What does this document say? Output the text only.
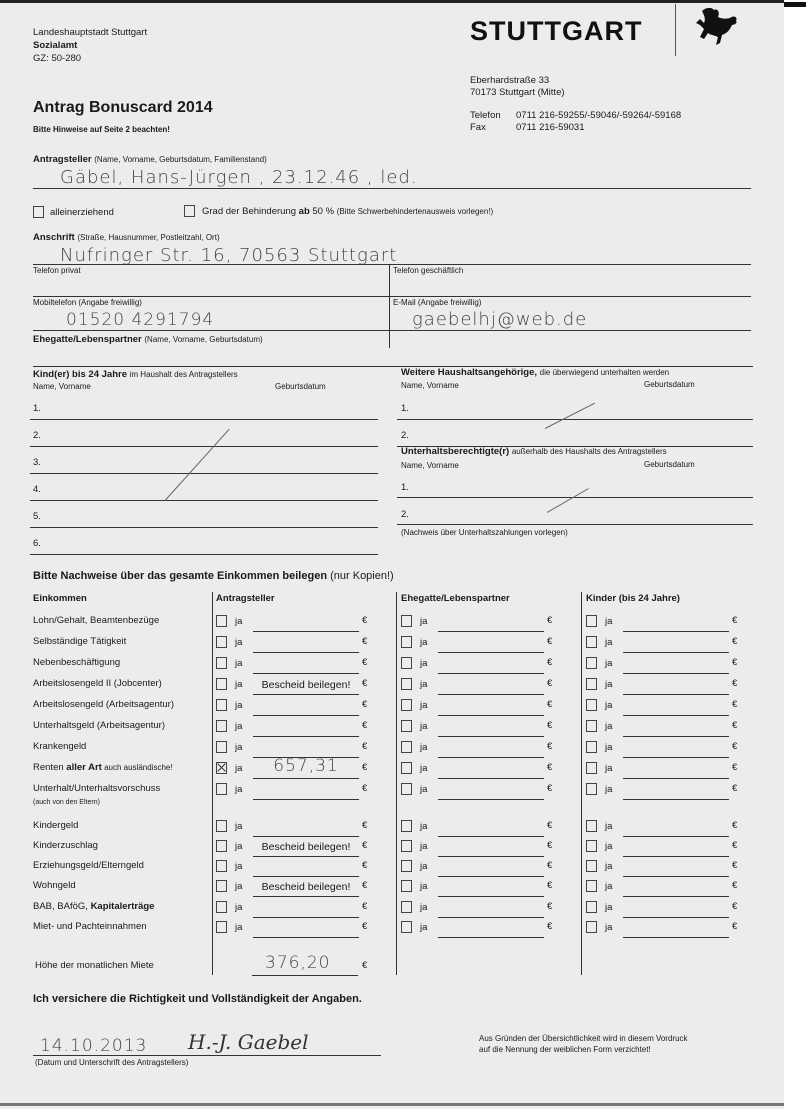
Landeshauptstadt Stuttgart
Sozialamt
GZ: 50-280
Antrag Bonuscard 2014
Bitte Hinweise auf Seite 2 beachten!
STUTTGART
Eberhardstraße 33
70173 Stuttgart (Mitte)
Telefon 0711 216-59255/-59046/-59264/-59168
Fax	0711 216-59031
Antragsteller (Name, Vorname, Geburtsdatum, Familienstand)
Gäbel, Hans-Jürgen , 23.12.46 , led.
alleinerziehend	Grad der Behinderung ab 50 % (Bitte Schwerbehindertenausweis vorlegen!)
Anschrift (Straße, Hausnummer, Postleitzahl, Ort)
Nufringer Str. 16, 70563 Stuttgart
Telefon privat	Telefon geschäftlich
Mobiltelefon (Angabe freiwillig)	E-Mail (Angabe freiwillig)
01520 4291794	gaebelhj@web.de
Ehegatte/Lebenspartner (Name, Vorname, Geburtsdatum)
Kind(er) bis 24 Jahre im Haushalt des Antragstellers
Name, Vorname	Geburtsdatum
1.
2.
3.
4.
5.
6.
Weitere Haushaltsangehörige, die überwiegend unterhalten werden
Name, Vorname	Geburtsdatum
1.
2.
Unterhaltsberechtigte(r) außerhalb des Haushalts des Antragstellers
Name, Vorname	Geburtsdatum
1.
2.
(Nachweis über Unterhaltszahlungen vorlegen)
Bitte Nachweise über das gesamte Einkommen beilegen (nur Kopien!)
Einkommen	Antragsteller	Ehegatte/Lebenspartner	Kinder (bis 24 Jahre)
Lohn/Gehalt, Beamtenbezüge	ja	€	ja	€	ja	€
Selbständige Tätigkeit	ja	€	ja	€	ja	€
Nebenbeschäftigung	ja	€	ja	€	ja	€
Arbeitslosengeld II (Jobcenter)	ja	Bescheid beilegen!	€	ja	€	ja	€
Arbeitslosengeld (Arbeitsagentur)	ja	€	ja	€	ja	€
Unterhaltsgeld (Arbeitsagentur)	ja	€	ja	€	ja	€
Krankengeld	ja	€	ja	€	ja	€
Renten aller Art auch ausländische!	ja	657,31	€	ja	€	ja	€
Unterhalt/Unterhaltsvorschuss
(auch von den Eltern)
ja	€	ja	€	ja	€
Kindergeld	ja	€	ja	€	ja	€
Kinderzuschlag	ja	Bescheid beilegen!	€	ja	€	ja	€
Erziehungsgeld/Elterngeld	ja	€	ja	€	ja	€
Wohngeld	ja	Bescheid beilegen!	€	ja	€	ja	€
BAB, BAföG, Kapitalerträge	ja	€	ja	€	ja	€
Miet- und Pachteinnahmen	ja	€	ja	€	ja	€
Höhe der monatlichen Miete	376,20	€
Ich versichere die Richtigkeit und Vollständigkeit der Angaben.
14.10.2013 H.-J. Gaebel
(Datum und Unterschrift des Antragstellers)
Aus Gründen der Übersichtlichkeit wird in diesem Vordruck
auf die Nennung der weiblichen Form verzichtet!
